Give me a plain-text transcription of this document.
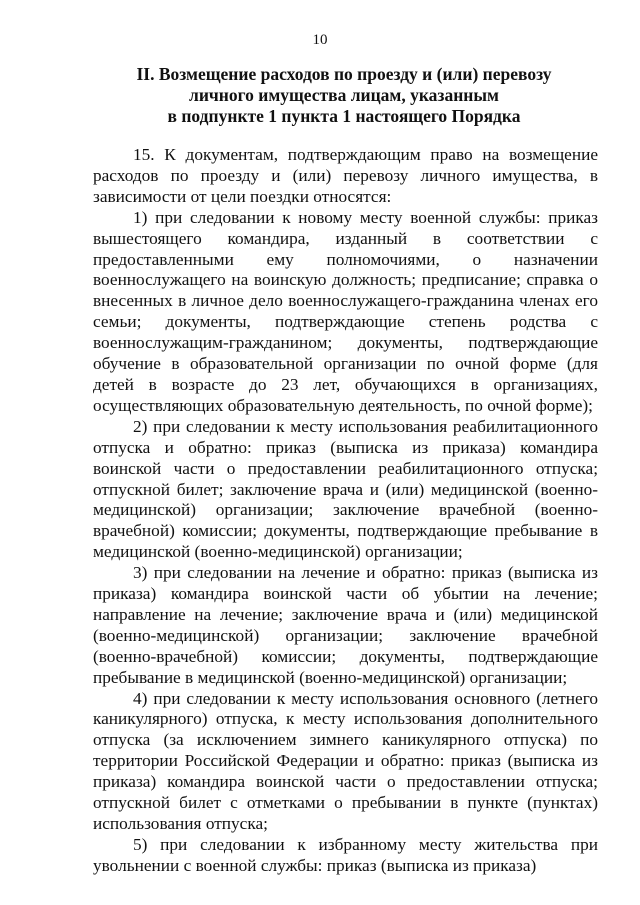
10
II. Возмещение расходов по проезду и (или) перевозу
личного имущества лицам, указанным
в подпункте 1 пункта 1 настоящего Порядка

15. К документам, подтверждающим право на возмещение расходов по проезду и (или) перевозу личного имущества, в зависимости от цели поездки относятся:

1) при следовании к новому месту военной службы: приказ вышестоящего командира, изданный в соответствии с предоставленными ему полномочиями, о назначении военнослужащего на воинскую должность; предписание; справка о внесенных в личное дело военнослужащего-гражданина членах его семьи; документы, подтверждающие степень родства с военнослужащим-гражданином; документы, подтверждающие обучение в образовательной организации по очной форме (для детей в возрасте до 23 лет, обучающихся в организациях, осуществляющих образовательную деятельность, по очной форме);

2) при следовании к месту использования реабилитационного отпуска и обратно: приказ (выписка из приказа) командира воинской части о предоставлении реабилитационного отпуска; отпускной билет; заключение врача и (или) медицинской (военно-медицинской) организации; заключение врачебной (военно-врачебной) комиссии; документы, подтверждающие пребывание в медицинской (военно-медицинской) организации;

3) при следовании на лечение и обратно: приказ (выписка из приказа) командира воинской части об убытии на лечение; направление на лечение; заключение врача и (или) медицинской (военно-медицинской) организации; заключение врачебной (военно-врачебной) комиссии; документы, подтверждающие пребывание в медицинской (военно-медицинской) организации;

4) при следовании к месту использования основного (летнего каникулярного) отпуска, к месту использования дополнительного отпуска (за исключением зимнего каникулярного отпуска) по территории Российской Федерации и обратно: приказ (выписка из приказа) командира воинской части о предоставлении отпуска; отпускной билет с отметками о пребывании в пункте (пунктах) использования отпуска;

5) при следовании к избранному месту жительства при увольнении с военной службы: приказ (выписка из приказа)
